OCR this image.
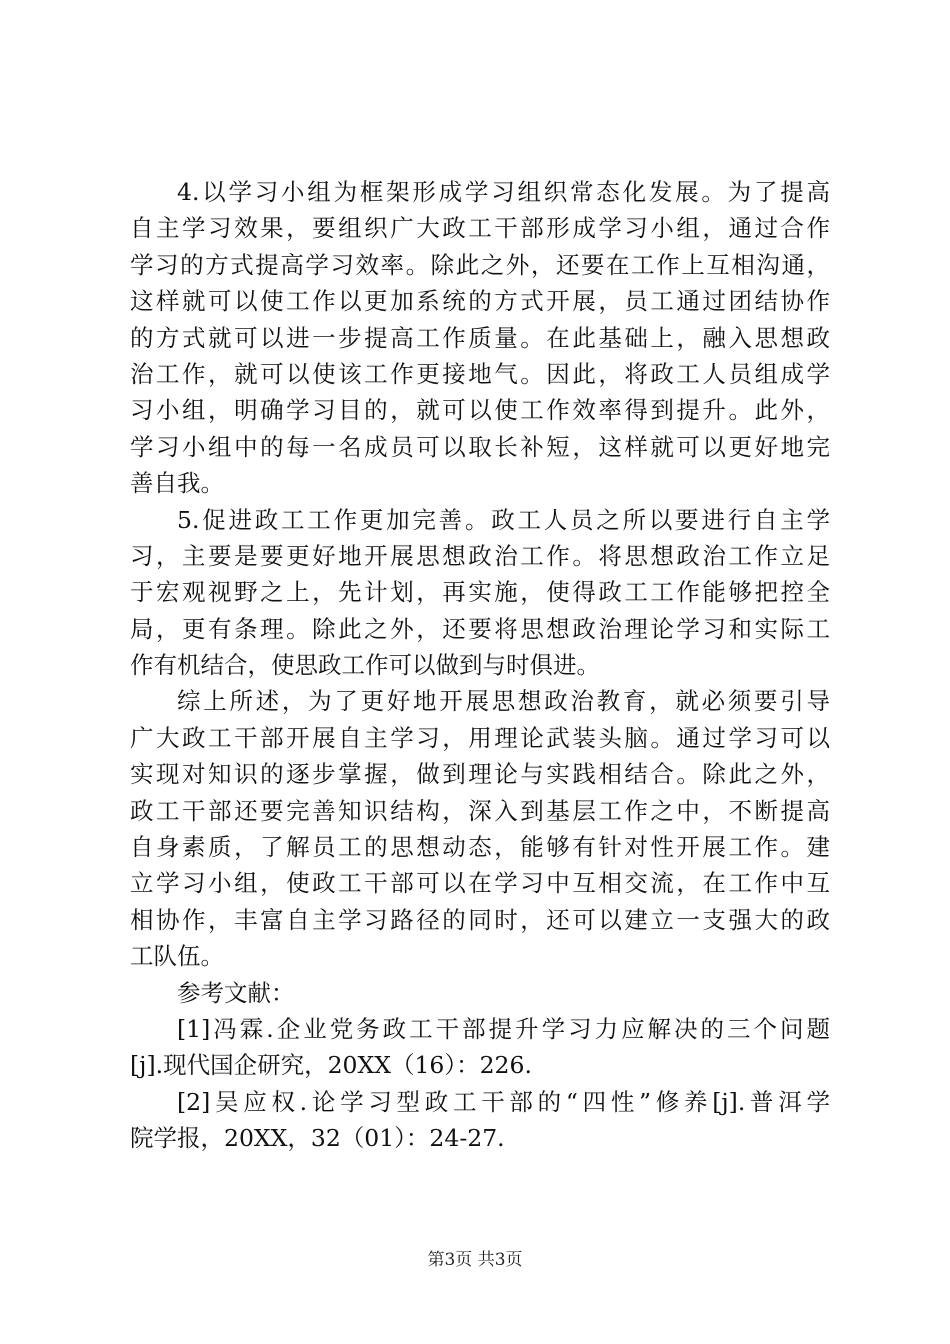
4.以学习小组为框架形成学习组织常态化发展。为了提高
自主学习效果，要组织广大政工干部形成学习小组，通过合作
学习的方式提高学习效率。除此之外，还要在工作上互相沟通，
这样就可以使工作以更加系统的方式开展，员工通过团结协作
的方式就可以进一步提高工作质量。在此基础上，融入思想政
治工作，就可以使该工作更接地气。因此，将政工人员组成学
习小组，明确学习目的，就可以使工作效率得到提升。此外，
学习小组中的每一名成员可以取长补短，这样就可以更好地完
善自我。
5.促进政工工作更加完善。政工人员之所以要进行自主学
习，主要是要更好地开展思想政治工作。将思想政治工作立足
于宏观视野之上，先计划，再实施，使得政工工作能够把控全
局，更有条理。除此之外，还要将思想政治理论学习和实际工
作有机结合，使思政工作可以做到与时俱进。
综上所述，为了更好地开展思想政治教育，就必须要引导
广大政工干部开展自主学习，用理论武装头脑。通过学习可以
实现对知识的逐步掌握，做到理论与实践相结合。除此之外，
政工干部还要完善知识结构，深入到基层工作之中，不断提高
自身素质，了解员工的思想动态，能够有针对性开展工作。建
立学习小组，使政工干部可以在学习中互相交流，在工作中互
相协作，丰富自主学习路径的同时，还可以建立一支强大的政
工队伍。
参考文献：
[1]冯霖.企业党务政工干部提升学习力应解决的三个问题
[j].现代国企研究，20XX（16）：226.
[2]吴应权.论学习型政工干部的“四性”修养[j].普洱学
院学报，20XX，32（01）：24-27.
第3页 共3页
